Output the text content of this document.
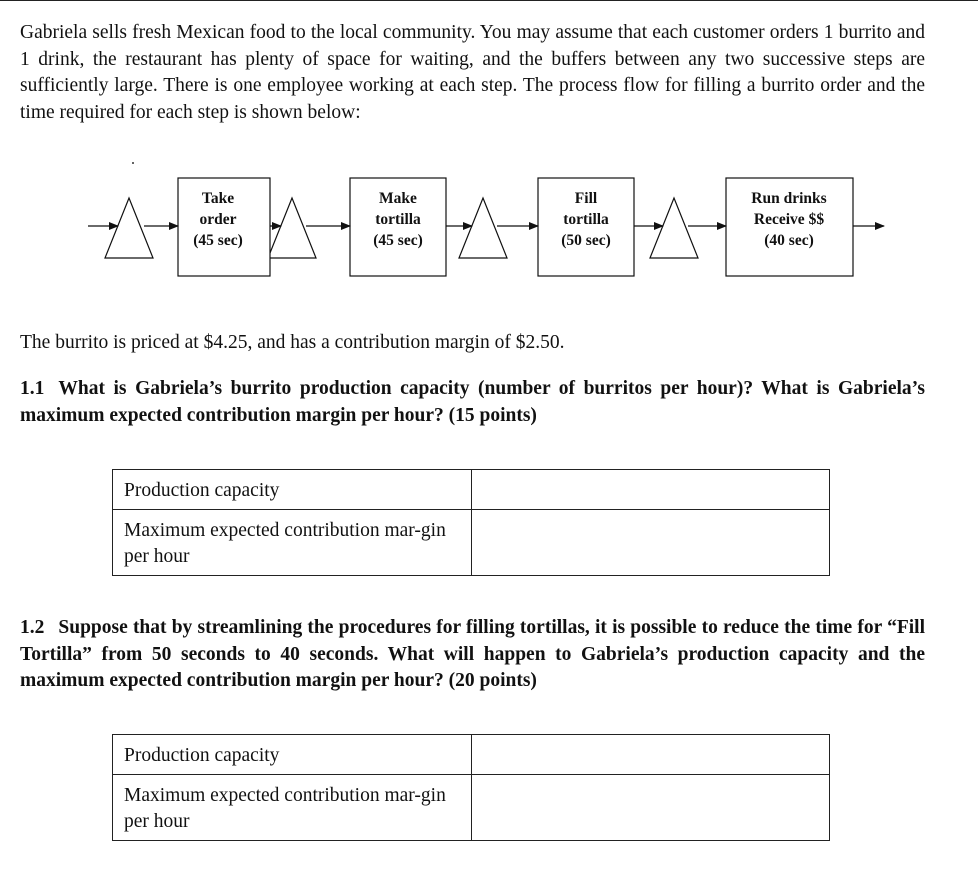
Gabriela sells fresh Mexican food to the local community. You may assume that each customer orders 1 burrito and 1 drink, the restaurant has plenty of space for waiting, and the buffers between any two successive steps are sufficiently large. There is one employee working at each step. The process flow for filling a burrito order and the time required for each step is shown below:

Take
order
(45 sec)
Make
tortilla
(45 sec)
Fill
tortilla
(50 sec)
Run drinks
Receive $$
(40 sec)

The burrito is priced at $4.25, and has a contribution margin of $2.50.

1.1 What is Gabriela’s burrito production capacity (number of burritos per hour)? What is Gabriela’s maximum expected contribution margin per hour? (15 points)

Production capacity	
Maximum expected contribution mar-gin per hour	

1.2 Suppose that by streamlining the procedures for filling tortillas, it is possible to reduce the time for “Fill Tortilla” from 50 seconds to 40 seconds. What will happen to Gabriela’s production capacity and the maximum expected contribution margin per hour? (20 points)

Production capacity	
Maximum expected contribution mar-gin per hour	
